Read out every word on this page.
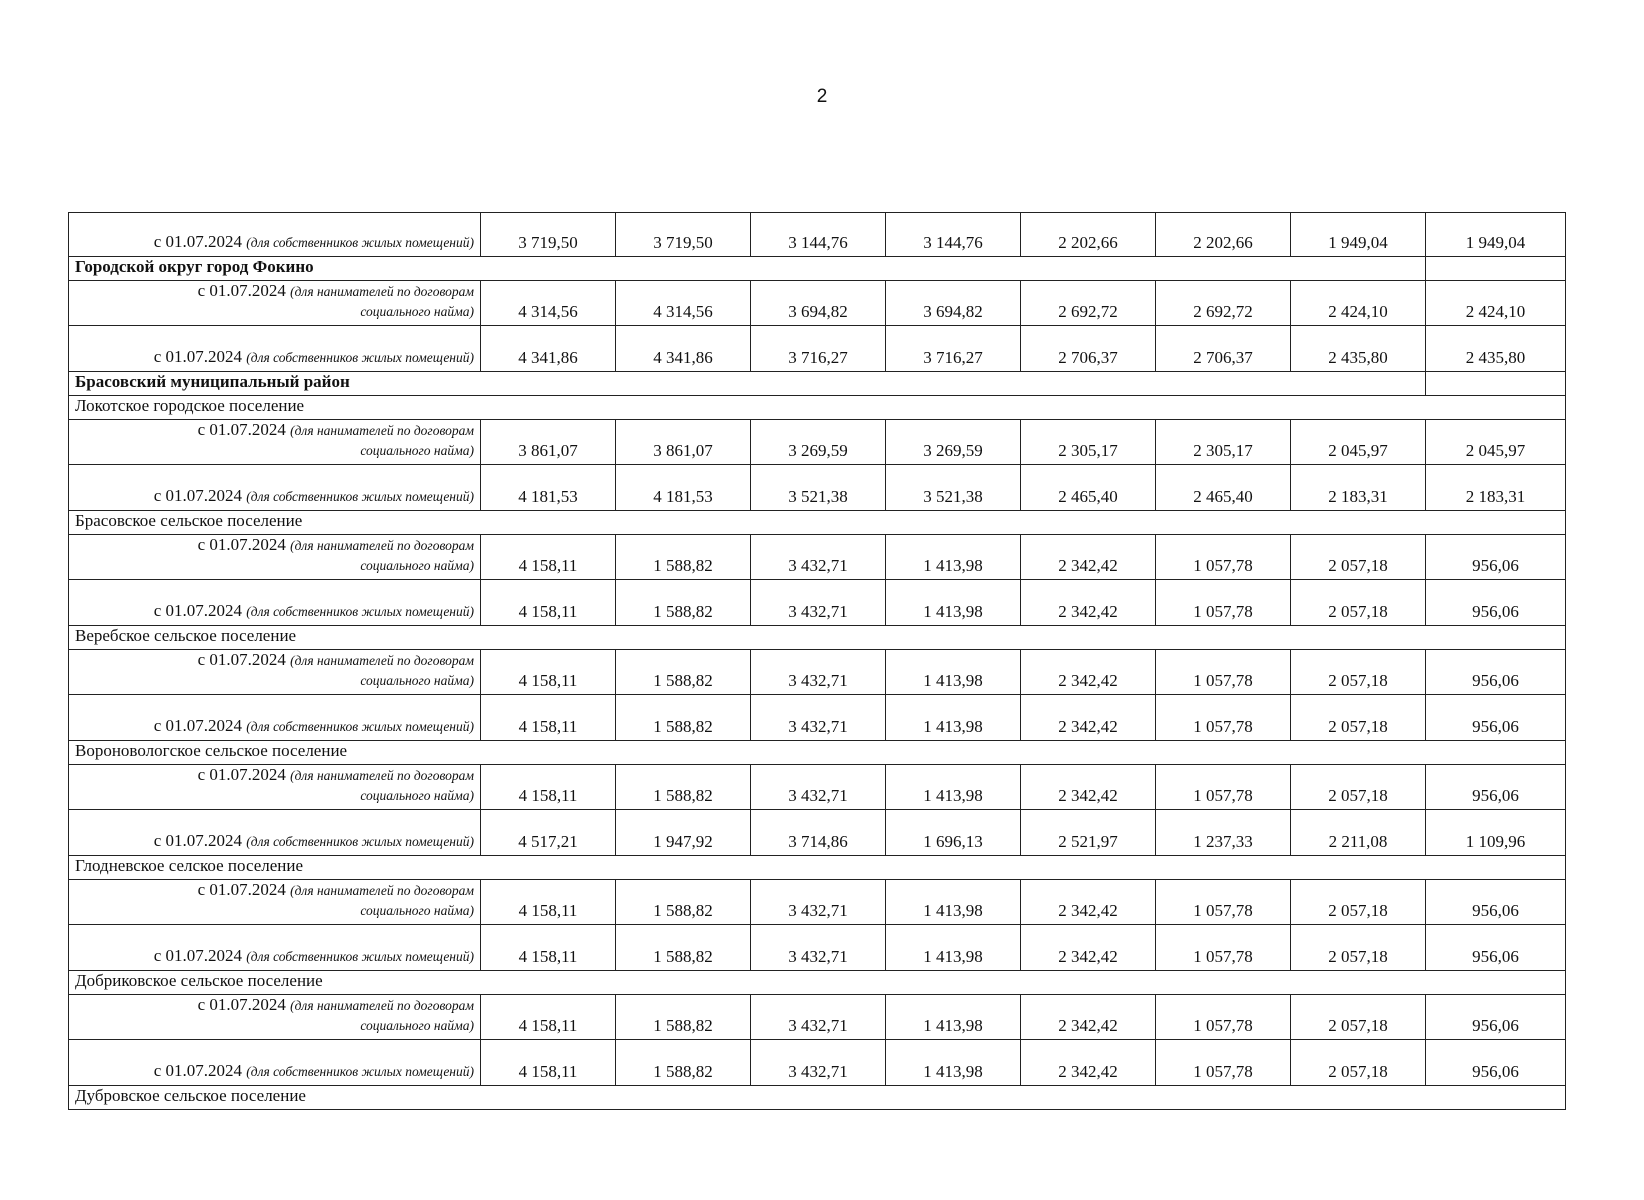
2
с 01.07.2024 (для собственников жилых помещений)	3 719,50	3 719,50	3 144,76	3 144,76	2 202,66	2 202,66	1 949,04	1 949,04
Городской округ город Фокино								

с 01.07.2024 (для нанимателей по договорам
социального найма)	4 314,56	4 314,56	3 694,82	3 694,82	2 692,72	2 692,72	2 424,10	2 424,10
с 01.07.2024 (для собственников жилых помещений)	4 341,86	4 341,86	3 716,27	3 716,27	2 706,37	2 706,37	2 435,80	2 435,80
Брасовский муниципальный район								
Локотское городское поселение								

с 01.07.2024 (для нанимателей по договорам
социального найма)	3 861,07	3 861,07	3 269,59	3 269,59	2 305,17	2 305,17	2 045,97	2 045,97
с 01.07.2024 (для собственников жилых помещений)	4 181,53	4 181,53	3 521,38	3 521,38	2 465,40	2 465,40	2 183,31	2 183,31
Брасовское сельское поселение								

с 01.07.2024 (для нанимателей по договорам
социального найма)	4 158,11	1 588,82	3 432,71	1 413,98	2 342,42	1 057,78	2 057,18	956,06
с 01.07.2024 (для собственников жилых помещений)	4 158,11	1 588,82	3 432,71	1 413,98	2 342,42	1 057,78	2 057,18	956,06
Веребское сельское поселение								

с 01.07.2024 (для нанимателей по договорам
социального найма)	4 158,11	1 588,82	3 432,71	1 413,98	2 342,42	1 057,78	2 057,18	956,06
с 01.07.2024 (для собственников жилых помещений)	4 158,11	1 588,82	3 432,71	1 413,98	2 342,42	1 057,78	2 057,18	956,06
Вороновологское сельское поселение								

с 01.07.2024 (для нанимателей по договорам
социального найма)	4 158,11	1 588,82	3 432,71	1 413,98	2 342,42	1 057,78	2 057,18	956,06
с 01.07.2024 (для собственников жилых помещений)	4 517,21	1 947,92	3 714,86	1 696,13	2 521,97	1 237,33	2 211,08	1 109,96
Глодневское селское поселение								

с 01.07.2024 (для нанимателей по договорам
социального найма)	4 158,11	1 588,82	3 432,71	1 413,98	2 342,42	1 057,78	2 057,18	956,06
с 01.07.2024 (для собственников жилых помещений)	4 158,11	1 588,82	3 432,71	1 413,98	2 342,42	1 057,78	2 057,18	956,06
Добриковское сельское поселение								

с 01.07.2024 (для нанимателей по договорам
социального найма)	4 158,11	1 588,82	3 432,71	1 413,98	2 342,42	1 057,78	2 057,18	956,06
с 01.07.2024 (для собственников жилых помещений)	4 158,11	1 588,82	3 432,71	1 413,98	2 342,42	1 057,78	2 057,18	956,06
Дубровское сельское поселение								
